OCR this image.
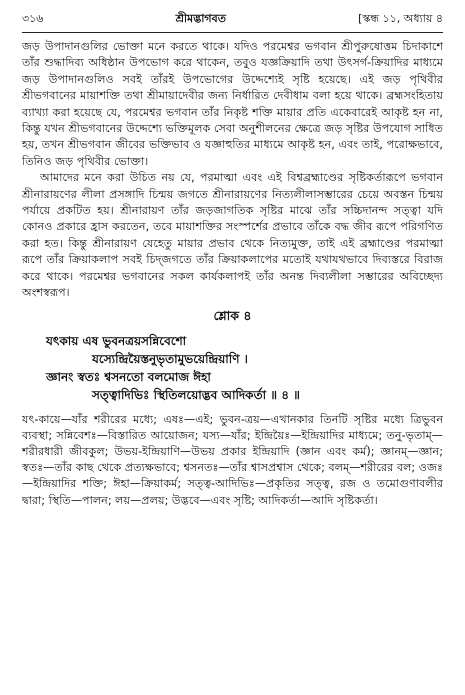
৩১৬	শ্রীমদ্ভাগবত	[স্কন্ধ ১১, অধ্যায় ৪

জড় উপাদানগুলির ভোক্তা মনে করতে থাকে। যদিও পরমেশ্বর ভগবান শ্রীপুরুষোত্তম চিদাকাশে তাঁর শুদ্ধাদিব্য অধিষ্ঠান উপভোগ করে থাকেন, তবুও যজ্ঞক্রিয়াদি তথা উৎসর্গ-ক্রিয়াদির মাধ্যমে জড় উপাদানগুলিও সবই তাঁরই উপভোগের উদ্দেশ্যেই সৃষ্টি হয়েছে। এই জড় পৃথিবীর শ্রীভগবানের মায়াশক্তি তথা শ্রীমায়াদেবীর জন্য নির্ধারিত দেবীধাম বলা হয়ে থাকে। ব্রহ্মসংহিতায় ব্যাখ্যা করা হয়েছে যে, পরমেশ্বর ভগবান তাঁর নিকৃষ্ট শক্তি মায়ার প্রতি একেবারেই আকৃষ্ট হন না, কিন্তু যখন শ্রীভগবানের উদ্দেশ্যে ভক্তিমূলক সেবা অনুশীলনের ক্ষেত্রে জড় সৃষ্টির উপযোগ সাধিত হয়, তখন শ্রীভগবান জীবের ভক্তিভাব ও যজ্ঞাহুতির মাধ্যমে আকৃষ্ট হন, এবং তাই, পরোক্ষভাবে, তিনিও জড় পৃথিবীর ভোক্তা।

আমাদের মনে করা উচিত নয় যে, পরমাত্মা এবং এই বিশ্বব্রহ্মাণ্ডের সৃষ্টিকর্তারূপে ভগবান শ্রীনারায়ণের লীলা প্রসঙ্গাদি চিন্ময় জগতে শ্রীনারায়ণের নিত্যলীলাসম্ভারের চেয়ে অবস্তন চিন্ময় পর্যায়ে প্রকটিত হয়। শ্রীনারায়ণ তাঁর জড়জাগতিক সৃষ্টির মাঝে তাঁর সচ্চিদানন্দ সত্ত্বা যদি কোনও প্রকারে হ্রাস করতেন, তবে মায়াশক্তির সংস্পর্শের প্রভাবে তাঁকে বদ্ধ জীব রূপে পরিগণিত করা হত। কিন্তু শ্রীনারায়ণ যেহেতু মায়ার প্রভাব থেকে নিত্যমুক্ত, তাই এই ব্রহ্মাণ্ডের পরমাত্মা রূপে তাঁর ক্রিয়াকলাপ সবই চিদ্‌জগতে তাঁর ক্রিয়াকলাপের মতোই যথাযথভাবে দিব্যস্তরে বিরাজ করে থাকে। পরমেশ্বর ভগবানের সকল কার্যকলাপই তাঁর অনন্ত দিব্যলীলা সম্ভারের অবিচ্ছেদ্য অংশস্বরূপ।

শ্লোক ৪
যৎকায় এষ ভুবনত্রয়সন্নিবেশো
যস্যেন্দ্রিয়ৈস্তনুভৃতামুভয়েন্দ্রিয়াণি ।
জ্ঞানং স্বতঃ শ্বসনতো বলমোজ ঈহা
সত্ত্বাদিভিঃ স্থিতিলয়োদ্ভব আদিকর্তা ॥ ৪ ॥
যৎ-কায়ে—যাঁর শরীরের মধ্যে; এষঃ—এই; ভুবন-ত্রয়—এখানকার তিনটি সৃষ্টির মধ্যে ত্রিভুবন ব্যবস্থা; সন্নিবেশঃ—বিস্তারিত আয়োজন; যস্য—যাঁর; ইন্দ্রিয়ৈঃ—ইন্দ্রিয়াদির মাধ্যমে; তনু-ভৃতাম্—শরীরধারী জীবকুল; উভয়-ইন্দ্রিয়াণি—উভয় প্রকার ইন্দ্রিয়াদি (জ্ঞান এবং কর্ম); জ্ঞানম্—জ্ঞান; স্বতঃ—তাঁর কাছ থেকে প্রত্যক্ষভাবে; শ্বসনতঃ—তাঁর শ্বাসপ্রশ্বাস থেকে; বলম্—শরীরের বল; ওজঃ—ইন্দ্রিয়াদির শক্তি; ঈহা—ক্রিয়াকর্ম; সত্ত্ব-আদিভিঃ—প্রকৃতির সত্ত্ব, রজ ও তমোগুণাবলীর দ্বারা; স্থিতি—পালন; লয়—প্রলয়; উদ্ভবে—এবং সৃষ্টি; আদিকর্তা—আদি সৃষ্টিকর্তা।
